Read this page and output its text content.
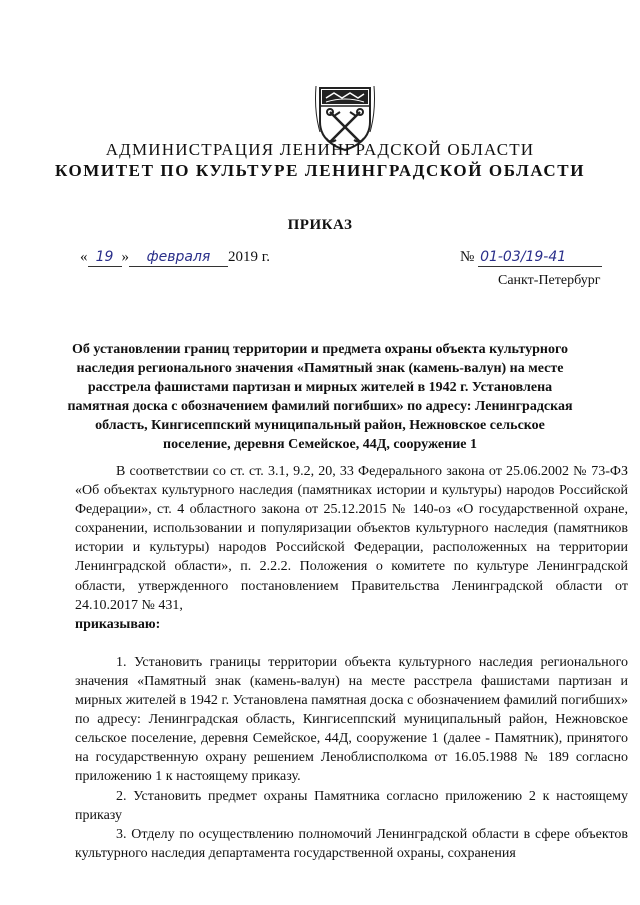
АДМИНИСТРАЦИЯ ЛЕНИНГРАДСКОЙ ОБЛАСТИ
КОМИТЕТ ПО КУЛЬТУРЕ ЛЕНИНГРАДСКОЙ ОБЛАСТИ
ПРИКАЗ
« 19 » февраля 2019 г.	№ 01-03/19-41
Санкт-Петербург
Об установлении границ территории и предмета охраны объекта культурного наследия регионального значения «Памятный знак (камень-валун) на месте расстрела фашистами партизан и мирных жителей в 1942 г. Установлена памятная доска с обозначением фамилий погибших» по адресу: Ленинградская область, Кингисеппский муниципальный район, Нежновское сельское поселение, деревня Семейское, 44Д, сооружение 1

В соответствии со ст. ст. 3.1, 9.2, 20, 33 Федерального закона от 25.06.2002 № 73-ФЗ «Об объектах культурного наследия (памятниках истории и культуры) народов Российской Федерации», ст. 4 областного закона от 25.12.2015 № 140-оз «О государственной охране, сохранении, использовании и популяризации объектов культурного наследия (памятников истории и культуры) народов Российской Федерации, расположенных на территории Ленинградской области», п. 2.2.2. Положения о комитете по культуре Ленинградской области, утвержденного постановлением Правительства Ленинградской области от 24.10.2017 № 431,
приказываю:

1. Установить границы территории объекта культурного наследия регионального значения «Памятный знак (камень-валун) на месте расстрела фашистами партизан и мирных жителей в 1942 г. Установлена памятная доска с обозначением фамилий погибших» по адресу: Ленинградская область, Кингисеппский муниципальный район, Нежновское сельское поселение, деревня Семейское, 44Д, сооружение 1 (далее - Памятник), принятого на государственную охрану решением Леноблисполкома от 16.05.1988 № 189 согласно приложению 1 к настоящему приказу.

2. Установить предмет охраны Памятника согласно приложению 2 к настоящему приказу

3. Отделу по осуществлению полномочий Ленинградской области в сфере объектов культурного наследия департамента государственной охраны, сохранения
